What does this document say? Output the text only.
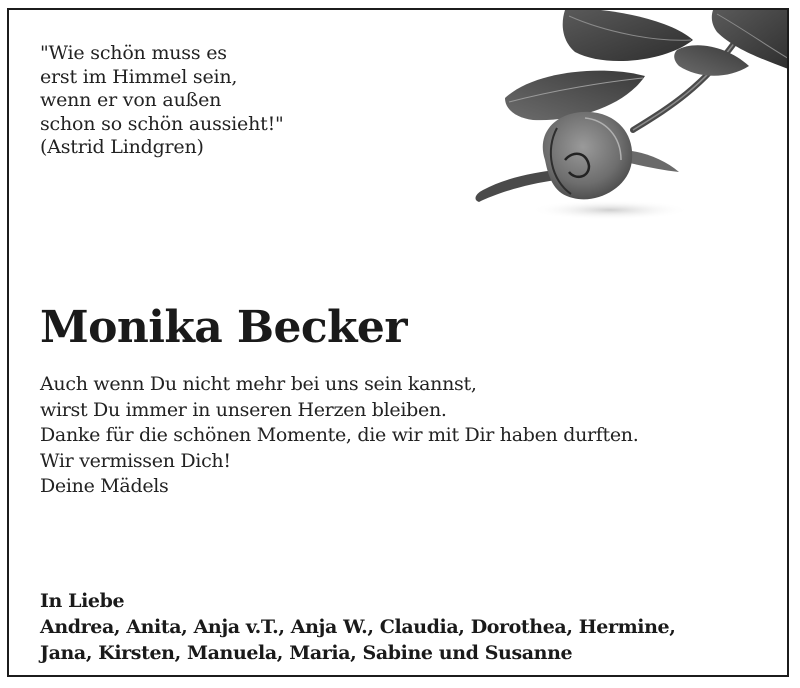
"Wie schön muss es
erst im Himmel sein,
wenn er von außen
schon so schön aussieht!"
(Astrid Lindgren)
Monika Becker
Auch wenn Du nicht mehr bei uns sein kannst,
wirst Du immer in unseren Herzen bleiben.
Danke für die schönen Momente, die wir mit Dir haben durften.
Wir vermissen Dich!
Deine Mädels
In Liebe
Andrea, Anita, Anja v.T., Anja W., Claudia, Dorothea, Hermine,
Jana, Kirsten, Manuela, Maria, Sabine und Susanne
